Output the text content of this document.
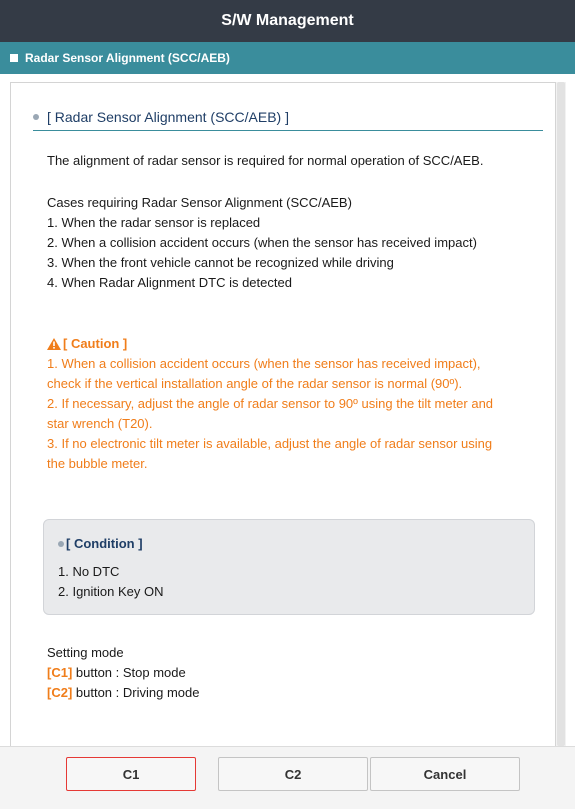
S/W Management
Radar Sensor Alignment (SCC/AEB)
[ Radar Sensor Alignment (SCC/AEB) ]
The alignment of radar sensor is required for normal operation of SCC/AEB.
Cases requiring Radar Sensor Alignment (SCC/AEB)
1. When the radar sensor is replaced
2. When a collision accident occurs (when the sensor has received impact)
3. When the front vehicle cannot be recognized while driving
4. When Radar Alignment DTC is detected
[ Caution ]
1. When a collision accident occurs (when the sensor has received impact),
check if the vertical installation angle of the radar sensor is normal (90º).
2. If necessary, adjust the angle of radar sensor to 90º using the tilt meter and
star wrench (T20).
3. If no electronic tilt meter is available, adjust the angle of radar sensor using
the bubble meter.
[ Condition ]
1. No DTC
2. Ignition Key ON
Setting mode
[C1] button : Stop mode
[C2] button : Driving mode
C1	C2	Cancel
